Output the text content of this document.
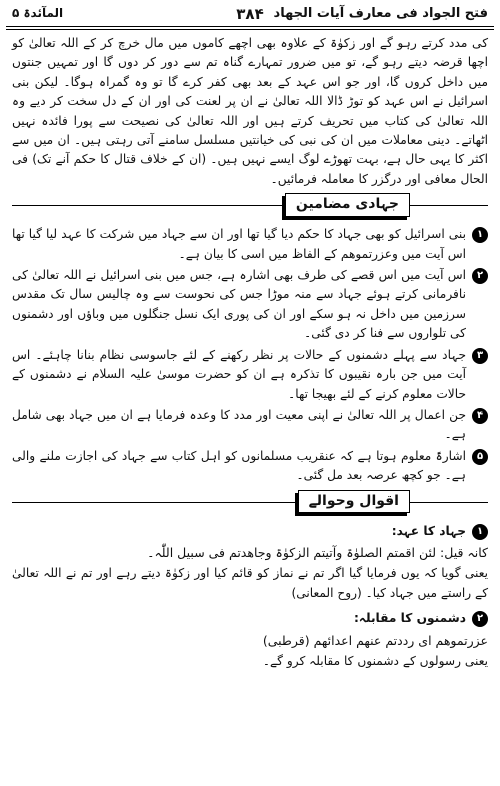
فتح الجواد فی معارف آیات الجهاد
۳۸۴
المآئدۃ ۵

کی مدد کرتے رہو گے اور زکوٰۃ کے علاوہ بھی اچھے کاموں میں مال خرچ کر کے اللہ تعالیٰ کو اچھا قرضہ دیتے رہو گے، تو میں ضرور تمہارے گناہ تم سے دور کر دوں گا اور تمہیں جنتوں میں داخل کروں گا، اور جو اس عہد کے بعد بھی کفر کرے گا تو وہ گمراہ ہوگا۔ لیکن بنی اسرائیل نے اس عہد کو توڑ ڈالا اللہ تعالیٰ نے ان پر لعنت کی اور ان کے دل سخت کر دیے وہ اللہ تعالیٰ کی کتاب میں تحریف کرتے ہیں اور اللہ تعالیٰ کی نصیحت سے پورا فائدہ نہیں اٹھاتے۔ دینی معاملات میں ان کی نبی کی خیانتیں مسلسل سامنے آتی رہتی ہیں۔ ان میں سے اکثر کا یہی حال ہے، بہت تھوڑے لوگ ایسے نہیں ہیں۔ (ان کے خلاف قتال کا حکم آنے تک) فی الحال معافی اور درگزر کا معاملہ فرمائیں۔

جہادی مضامین
۱
بنی اسرائیل کو بھی جہاد کا حکم دیا گیا تھا اور ان سے جہاد میں شرکت کا عہد لیا گیا تھا اس آیت میں وعزرتموھم کے الفاظ میں اسی کا بیان ہے۔
۲
اس آیت میں اس قصے کی طرف بھی اشارہ ہے، جس میں بنی اسرائیل نے اللہ تعالیٰ کی نافرمانی کرتے ہوئے جہاد سے منہ موڑا جس کی نحوست سے وہ چالیس سال تک مقدس سرزمین میں داخل نہ ہو سکے اور ان کی پوری ایک نسل جنگلوں میں وباؤں اور دشمنوں کی تلواروں سے فنا کر دی گئی۔
۳
جہاد سے پہلے دشمنوں کے حالات پر نظر رکھنے کے لئے جاسوسی نظام بنانا چاہئے۔ اس آیت میں جن بارہ نقیبوں کا تذکرہ ہے ان کو حضرت موسیٰ علیہ السلام نے دشمنوں کے حالات معلوم کرنے کے لئے بھیجا تھا۔
۴
جن اعمال پر اللہ تعالیٰ نے اپنی معیت اور مدد کا وعدہ فرمایا ہے ان میں جہاد بھی شامل ہے۔
۵
اشارۃً معلوم ہوتا ہے کہ عنقریب مسلمانوں کو اہل کتاب سے جہاد کی اجازت ملنے والی ہے۔ جو کچھ عرصہ بعد مل گئی۔
اقوال وحوالے
۱
جہاد کا عہد:
کانہ قیل: لئن اقمتم الصلوٰۃ وآتیتم الزکوٰۃ وجاھدتم فی سبیل اللّٰہ۔

یعنی گویا کہ یوں فرمایا گیا اگر تم نے نماز کو قائم کیا اور زکوٰۃ دیتے رہے اور تم نے اللہ تعالیٰ کے راستے میں جہاد کیا۔ (روح المعانی)

۲
دشمنوں کا مقابلہ:
عزرتموھم ای رددتم عنھم اعدائھم (قرطبی)

یعنی رسولوں کے دشمنوں کا مقابلہ کرو گے۔
